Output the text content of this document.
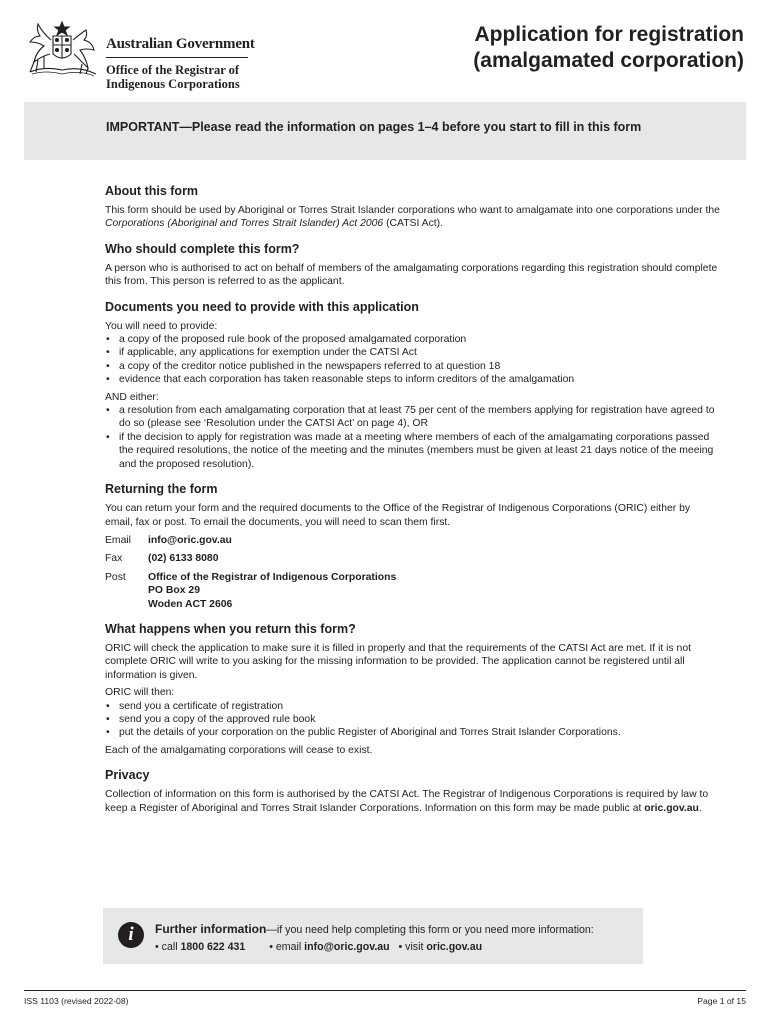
Australian Government
Office of the Registrar of
Indigenous Corporations
Application for registration
(amalgamated corporation)
IMPORTANT—Please read the information on pages 1–4 before you start to fill in this form
About this form

This form should be used by Aboriginal or Torres Strait Islander corporations who want to amalgamate into one corporations under the Corporations (Aboriginal and Torres Strait Islander) Act 2006 (CATSI Act).

Who should complete this form?

A person who is authorised to act on behalf of members of the amalgamating corporations regarding this registration should complete this from. This person is referred to as the applicant.

Documents you need to provide with this application

You will need to provide:

• a copy of the proposed rule book of the proposed amalgamated corporation
• if applicable, any applications for exemption under the CATSI Act
• a copy of the creditor notice published in the newspapers referred to at question 18
• evidence that each corporation has taken reasonable steps to inform creditors of the amalgamation

AND either:

• a resolution from each amalgamating corporation that at least 75 per cent of the members applying for registration have agreed to do so (please see ‘Resolution under the CATSI Act’ on page 4), OR
• if the decision to apply for registration was made at a meeting where members of each of the amalgamating corporations passed the required resolutions, the notice of the meeting and the minutes (members must be given at least 21 days notice of the meeing and the proposed resolution).
Returning the form

You can return your form and the required documents to the Office of the Registrar of Indigenous Corporations (ORIC) either by email, fax or post. To email the documents, you will need to scan them first.

Email	info@oric.gov.au
Fax	(02) 6133 8080
Post	Office of the Registrar of Indigenous Corporations
PO Box 29
Woden ACT 2606
What happens when you return this form?

ORIC will check the application to make sure it is filled in properly and that the requirements of the CATSI Act are met. If it is not complete ORIC will write to you asking for the missing information to be provided. The application cannot be registered until all information is given.

ORIC will then:

• send you a certificate of registration
• send you a copy of the approved rule book
• put the details of your corporation on the public Register of Aboriginal and Torres Strait Islander Corporations.

Each of the amalgamating corporations will cease to exist.

Privacy

Collection of information on this form is authorised by the CATSI Act. The Registrar of Indigenous Corporations is required by law to keep a Register of Aboriginal and Torres Strait Islander Corporations. Information on this form may be made public at oric.gov.au.

i	Further information—if you need help completing this form or you need more information:
• call 1800 622 431 • email info@oric.gov.au • visit oric.gov.au
ISS 1103 (revised 2022-08)	Page 1 of 15
